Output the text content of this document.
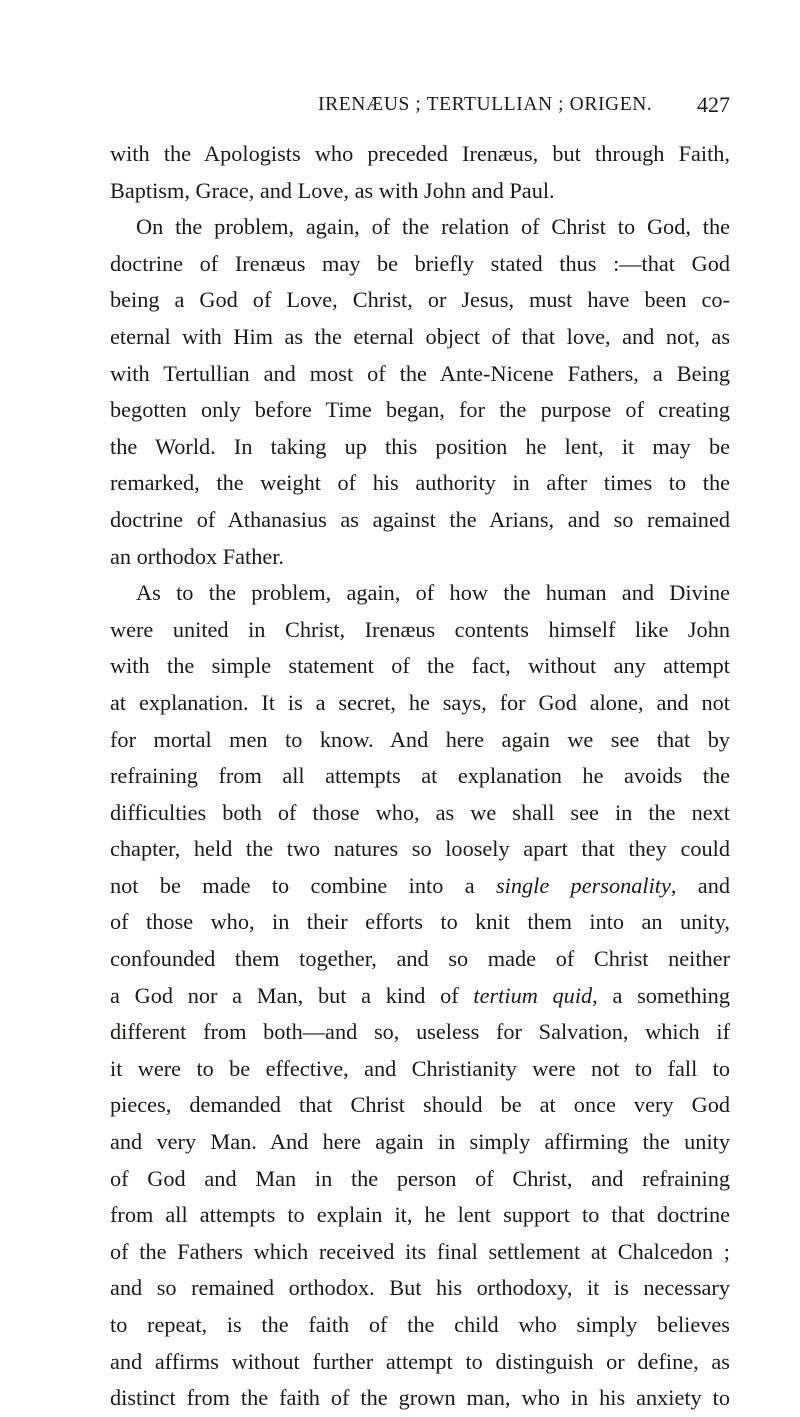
IRENÆUS ; TERTULLIAN ; ORIGEN. 427
with the Apologists who preceded Irenæus, but through Faith,
Baptism, Grace, and Love, as with John and Paul.
On the problem, again, of the relation of Christ to God, the
doctrine of Irenæus may be briefly stated thus :—that God
being a God of Love, Christ, or Jesus, must have been co-
eternal with Him as the eternal object of that love, and not, as
with Tertullian and most of the Ante-Nicene Fathers, a Being
begotten only before Time began, for the purpose of creating
the World. In taking up this position he lent, it may be
remarked, the weight of his authority in after times to the
doctrine of Athanasius as against the Arians, and so remained
an orthodox Father.
As to the problem, again, of how the human and Divine
were united in Christ, Irenæus contents himself like John
with the simple statement of the fact, without any attempt
at explanation. It is a secret, he says, for God alone, and not
for mortal men to know. And here again we see that by
refraining from all attempts at explanation he avoids the
difficulties both of those who, as we shall see in the next
chapter, held the two natures so loosely apart that they could
not be made to combine into a single personality, and
of those who, in their efforts to knit them into an unity,
confounded them together, and so made of Christ neither
a God nor a Man, but a kind of tertium quid, a something
different from both—and so, useless for Salvation, which if
it were to be effective, and Christianity were not to fall to
pieces, demanded that Christ should be at once very God
and very Man. And here again in simply affirming the unity
of God and Man in the person of Christ, and refraining
from all attempts to explain it, he lent support to that doctrine
of the Fathers which received its final settlement at Chalcedon ;
and so remained orthodox. But his orthodoxy, it is necessary
to repeat, is the faith of the child who simply believes
and affirms without further attempt to distinguish or define, as
distinct from the faith of the grown man, who in his anxiety to
